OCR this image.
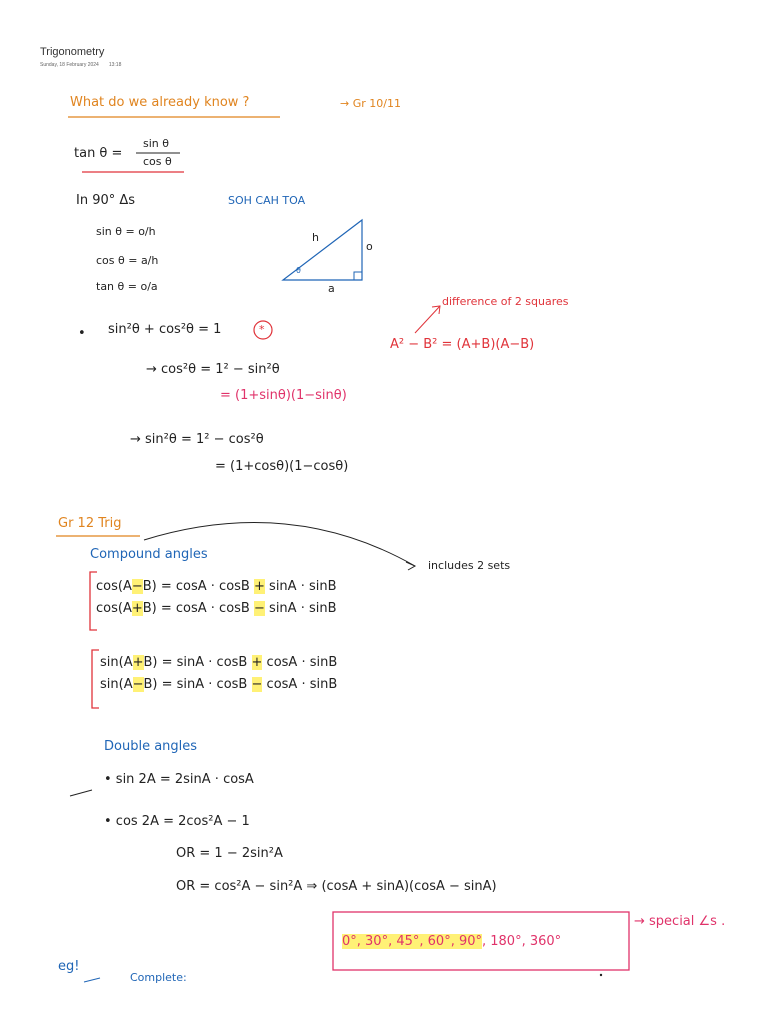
Trigonometry
Sunday, 18 February 2024 13:18
What do we already know ?	→ Gr 10/11
tan θ =
sin θ
cos θ
In 90° Δs	SOH CAH TOA
sin θ = o/h
cos θ = a/h
tan θ = o/a
h
o
a
θ
• sin²θ + cos²θ = 1	*
→ cos²θ = 1² − sin²θ
= (1+sinθ)(1−sinθ)
→ sin²θ = 1² − cos²θ
= (1+cosθ)(1−cosθ)
difference of 2 squares
A² − B² = (A+B)(A−B)
Gr 12 Trig
Compound angles
includes 2 sets
cos(A−B) = cosA · cosB + sinA · sinB
cos(A+B) = cosA · cosB − sinA · sinB
sin(A+B) = sinA · cosB + cosA · sinB
sin(A−B) = sinA · cosB − cosA · sinB
Double angles
• sin 2A = 2sinA · cosA
• cos 2A = 2cos²A − 1
OR = 1 − 2sin²A
OR = cos²A − sin²A ⇒ (cosA + sinA)(cosA − sinA)
0°, 30°, 45°, 60°, 90°, 180°, 360°
→ special ∠s .
eg!
Complete:
